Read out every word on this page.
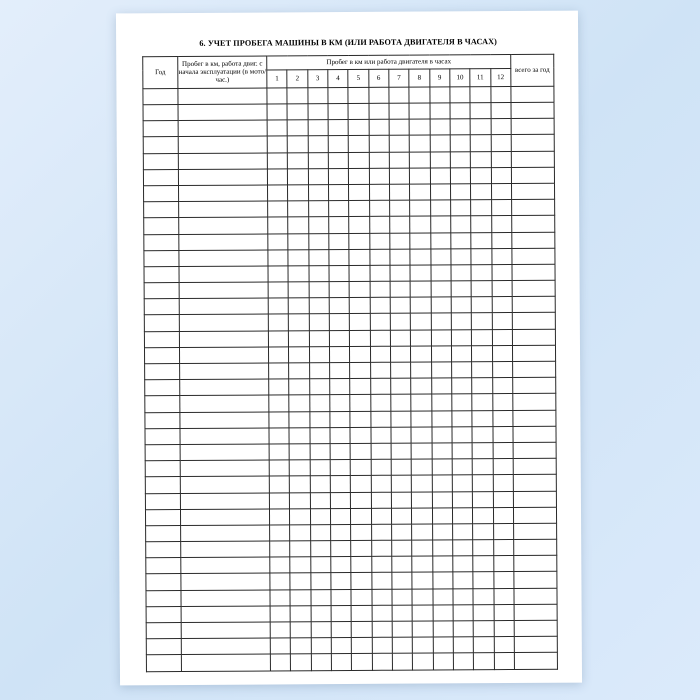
6. УЧЕТ ПРОБЕГА МАШИНЫ В КМ (ИЛИ РАБОТА ДВИГАТЕЛЯ В ЧАСАХ)
Год	Пробег в км, работа двиг. с начала эксплуатации (в мото/час.)	Пробег в км или работа двигателя в часах												всего за год
		1	2	3	4	5	6	7	8	9	10	11	12	
